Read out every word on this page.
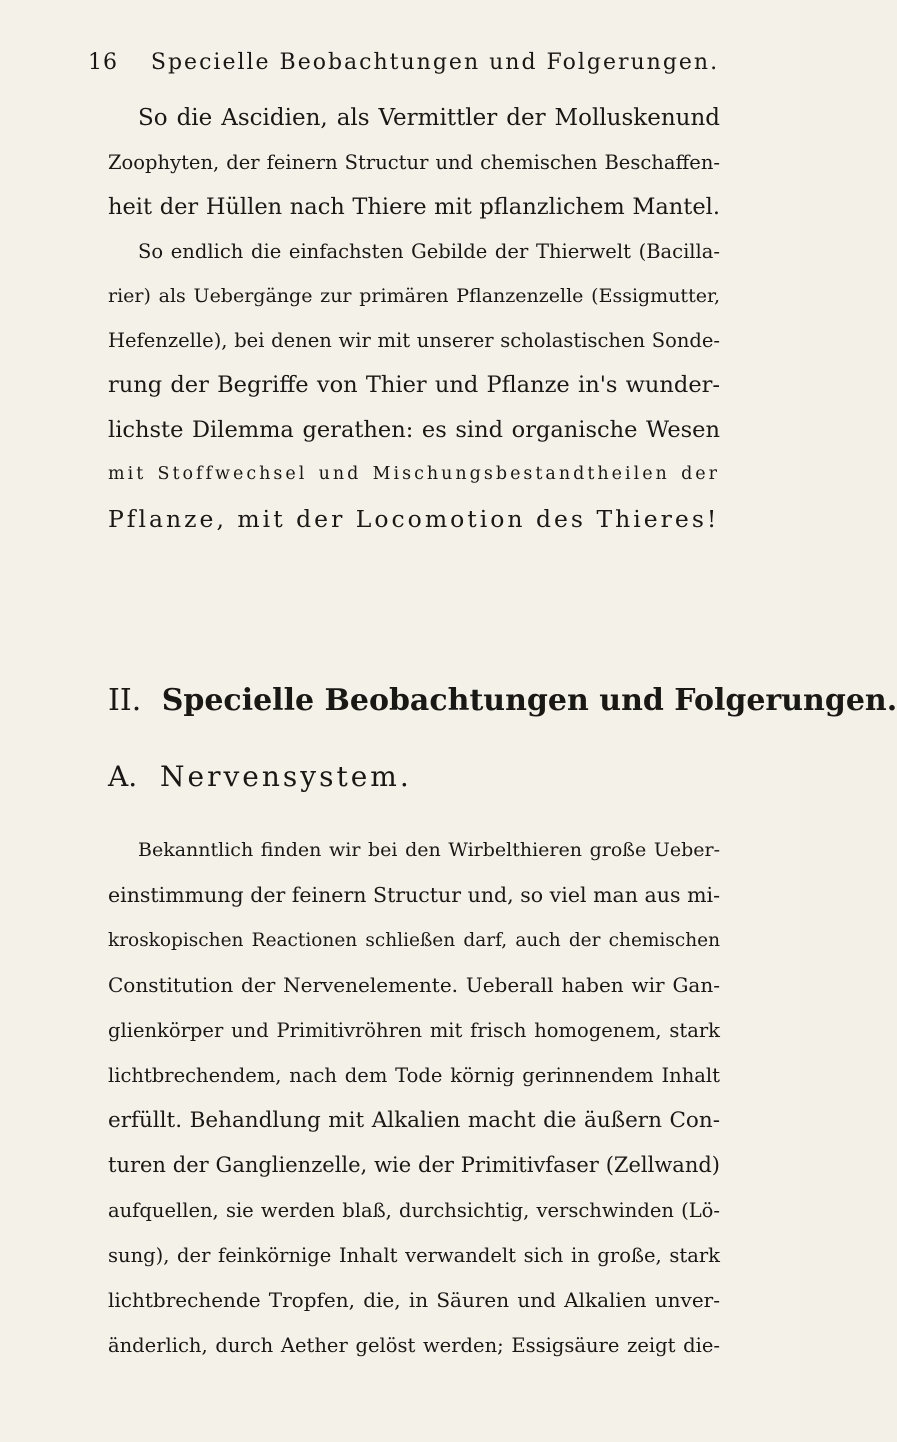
16	Specielle Beobachtungen und Folgerungen.
So die Ascidien, als Vermittler der Molluskenund
Zoophyten, der feinern Structur und chemischen Beschaffen-
heit der Hüllen nach Thiere mit pflanzlichem Mantel.
So endlich die einfachsten Gebilde der Thierwelt (Bacilla-
rier) als Uebergänge zur primären Pflanzenzelle (Essigmutter,
Hefenzelle), bei denen wir mit unserer scholastischen Sonde-
rung der Begriffe von Thier und Pflanze in's wunder-
lichste Dilemma gerathen: es sind organische Wesen
mit Stoffwechsel und Mischungsbestandtheilen der
Pflanze, mit der Locomotion des Thieres!
II. Specielle Beobachtungen und Folgerungen.
A. Nervensystem.
Bekanntlich finden wir bei den Wirbelthieren große Ueber-
einstimmung der feinern Structur und, so viel man aus mi-
kroskopischen Reactionen schließen darf, auch der chemischen
Constitution der Nervenelemente. Ueberall haben wir Gan-
glienkörper und Primitivröhren mit frisch homogenem, stark
lichtbrechendem, nach dem Tode körnig gerinnendem Inhalt
erfüllt. Behandlung mit Alkalien macht die äußern Con-
turen der Ganglienzelle, wie der Primitivfaser (Zellwand)
aufquellen, sie werden blaß, durchsichtig, verschwinden (Lö-
sung), der feinkörnige Inhalt verwandelt sich in große, stark
lichtbrechende Tropfen, die, in Säuren und Alkalien unver-
änderlich, durch Aether gelöst werden; Essigsäure zeigt die-
